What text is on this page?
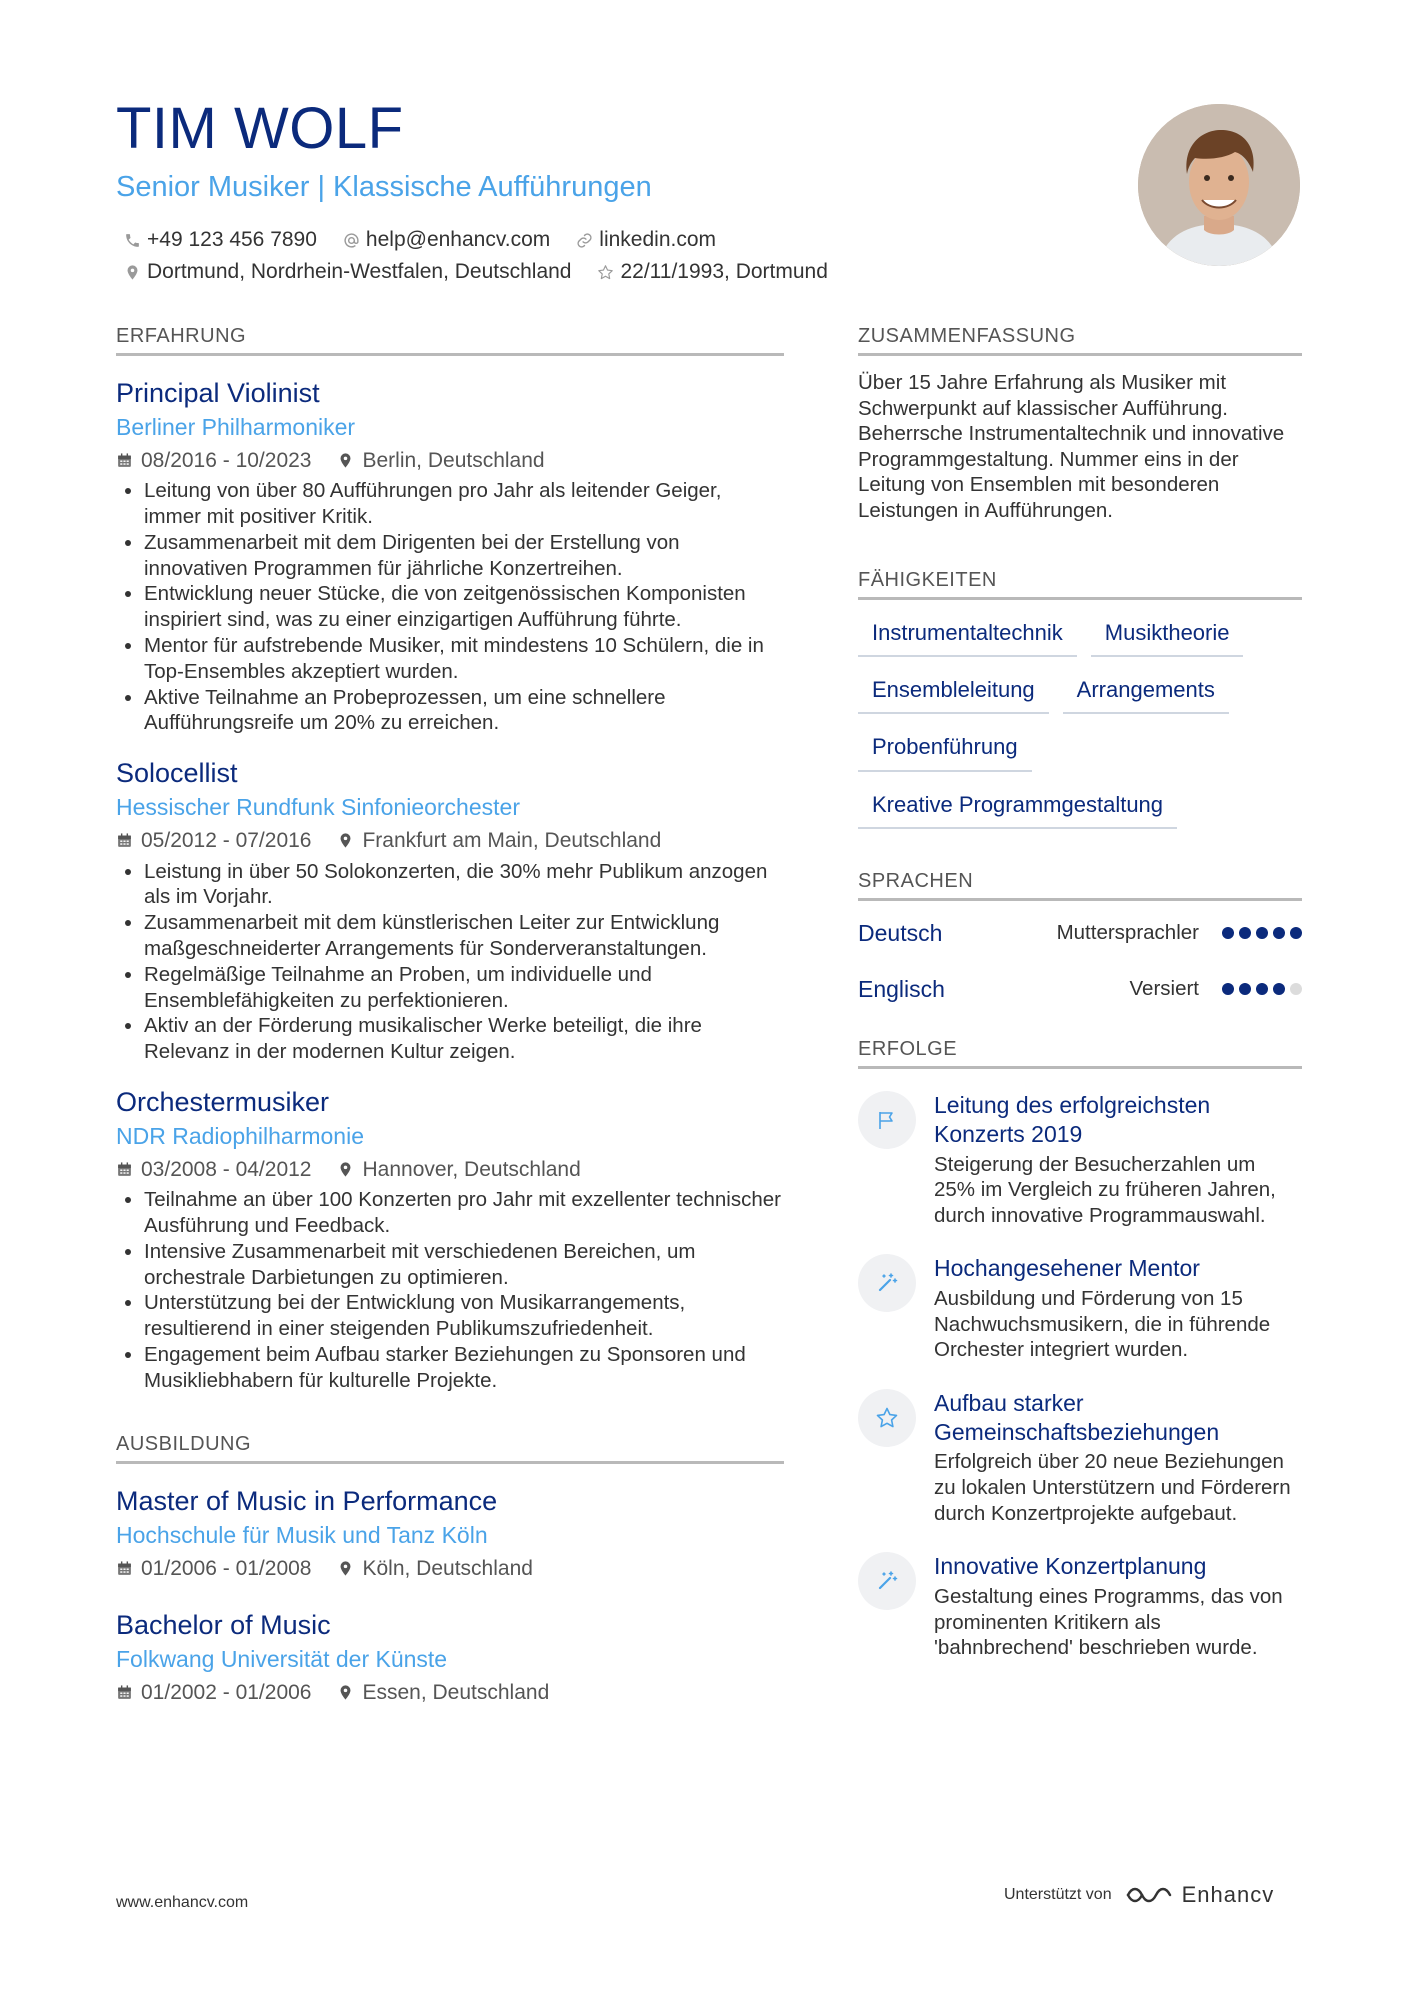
TIM WOLF
Senior Musiker | Klassische Aufführungen
+49 123 456 7890 help@enhancv.com linkedin.com
Dortmund, Nordrhein-Westfalen, Deutschland 22/11/1993, Dortmund
ERFAHRUNG
Principal Violinist
Berliner Philharmoniker
08/2016 - 10/2023 Berlin, Deutschland
• Leitung von über 80 Aufführungen pro Jahr als leitender Geiger, immer mit positiver Kritik.
• Zusammenarbeit mit dem Dirigenten bei der Erstellung von innovativen Programmen für jährliche Konzertreihen.
• Entwicklung neuer Stücke, die von zeitgenössischen Komponisten inspiriert sind, was zu einer einzigartigen Aufführung führte.
• Mentor für aufstrebende Musiker, mit mindestens 10 Schülern, die in Top-Ensembles akzeptiert wurden.
• Aktive Teilnahme an Probeprozessen, um eine schnellere Aufführungsreife um 20% zu erreichen.
Solocellist
Hessischer Rundfunk Sinfonieorchester
05/2012 - 07/2016 Frankfurt am Main, Deutschland
• Leistung in über 50 Solokonzerten, die 30% mehr Publikum anzogen als im Vorjahr.
• Zusammenarbeit mit dem künstlerischen Leiter zur Entwicklung maßgeschneiderter Arrangements für Sonderveranstaltungen.
• Regelmäßige Teilnahme an Proben, um individuelle und Ensemblefähigkeiten zu perfektionieren.
• Aktiv an der Förderung musikalischer Werke beteiligt, die ihre Relevanz in der modernen Kultur zeigen.
Orchestermusiker
NDR Radiophilharmonie
03/2008 - 04/2012 Hannover, Deutschland
• Teilnahme an über 100 Konzerten pro Jahr mit exzellenter technischer Ausführung und Feedback.
• Intensive Zusammenarbeit mit verschiedenen Bereichen, um orchestrale Darbietungen zu optimieren.
• Unterstützung bei der Entwicklung von Musikarrangements, resultierend in einer steigenden Publikumszufriedenheit.
• Engagement beim Aufbau starker Beziehungen zu Sponsoren und Musikliebhabern für kulturelle Projekte.
AUSBILDUNG
Master of Music in Performance
Hochschule für Musik und Tanz Köln
01/2006 - 01/2008 Köln, Deutschland
Bachelor of Music
Folkwang Universität der Künste
01/2002 - 01/2006 Essen, Deutschland
ZUSAMMENFASSUNG
Über 15 Jahre Erfahrung als Musiker mit Schwerpunkt auf klassischer Aufführung. Beherrsche Instrumentaltechnik und innovative Programmgestaltung. Nummer eins in der Leitung von Ensemblen mit besonderen Leistungen in Aufführungen.
FÄHIGKEITEN
Instrumentaltechnik	Musiktheorie
Ensembleleitung	Arrangements
Probenführung
Kreative Programmgestaltung
SPRACHEN
Deutsch	Muttersprachler
Englisch	Versiert
ERFOLGE
Leitung des erfolgreichsten Konzerts 2019
Steigerung der Besucherzahlen um 25% im Vergleich zu früheren Jahren, durch innovative Programmauswahl.
Hochangesehener Mentor
Ausbildung und Förderung von 15 Nachwuchsmusikern, die in führende Orchester integriert wurden.
Aufbau starker Gemeinschaftsbeziehungen
Erfolgreich über 20 neue Beziehungen zu lokalen Unterstützern und Förderern durch Konzertprojekte aufgebaut.
Innovative Konzertplanung
Gestaltung eines Programms, das von prominenten Kritikern als 'bahnbrechend' beschrieben wurde.
www.enhancv.com	Unterstützt von	Enhancv
